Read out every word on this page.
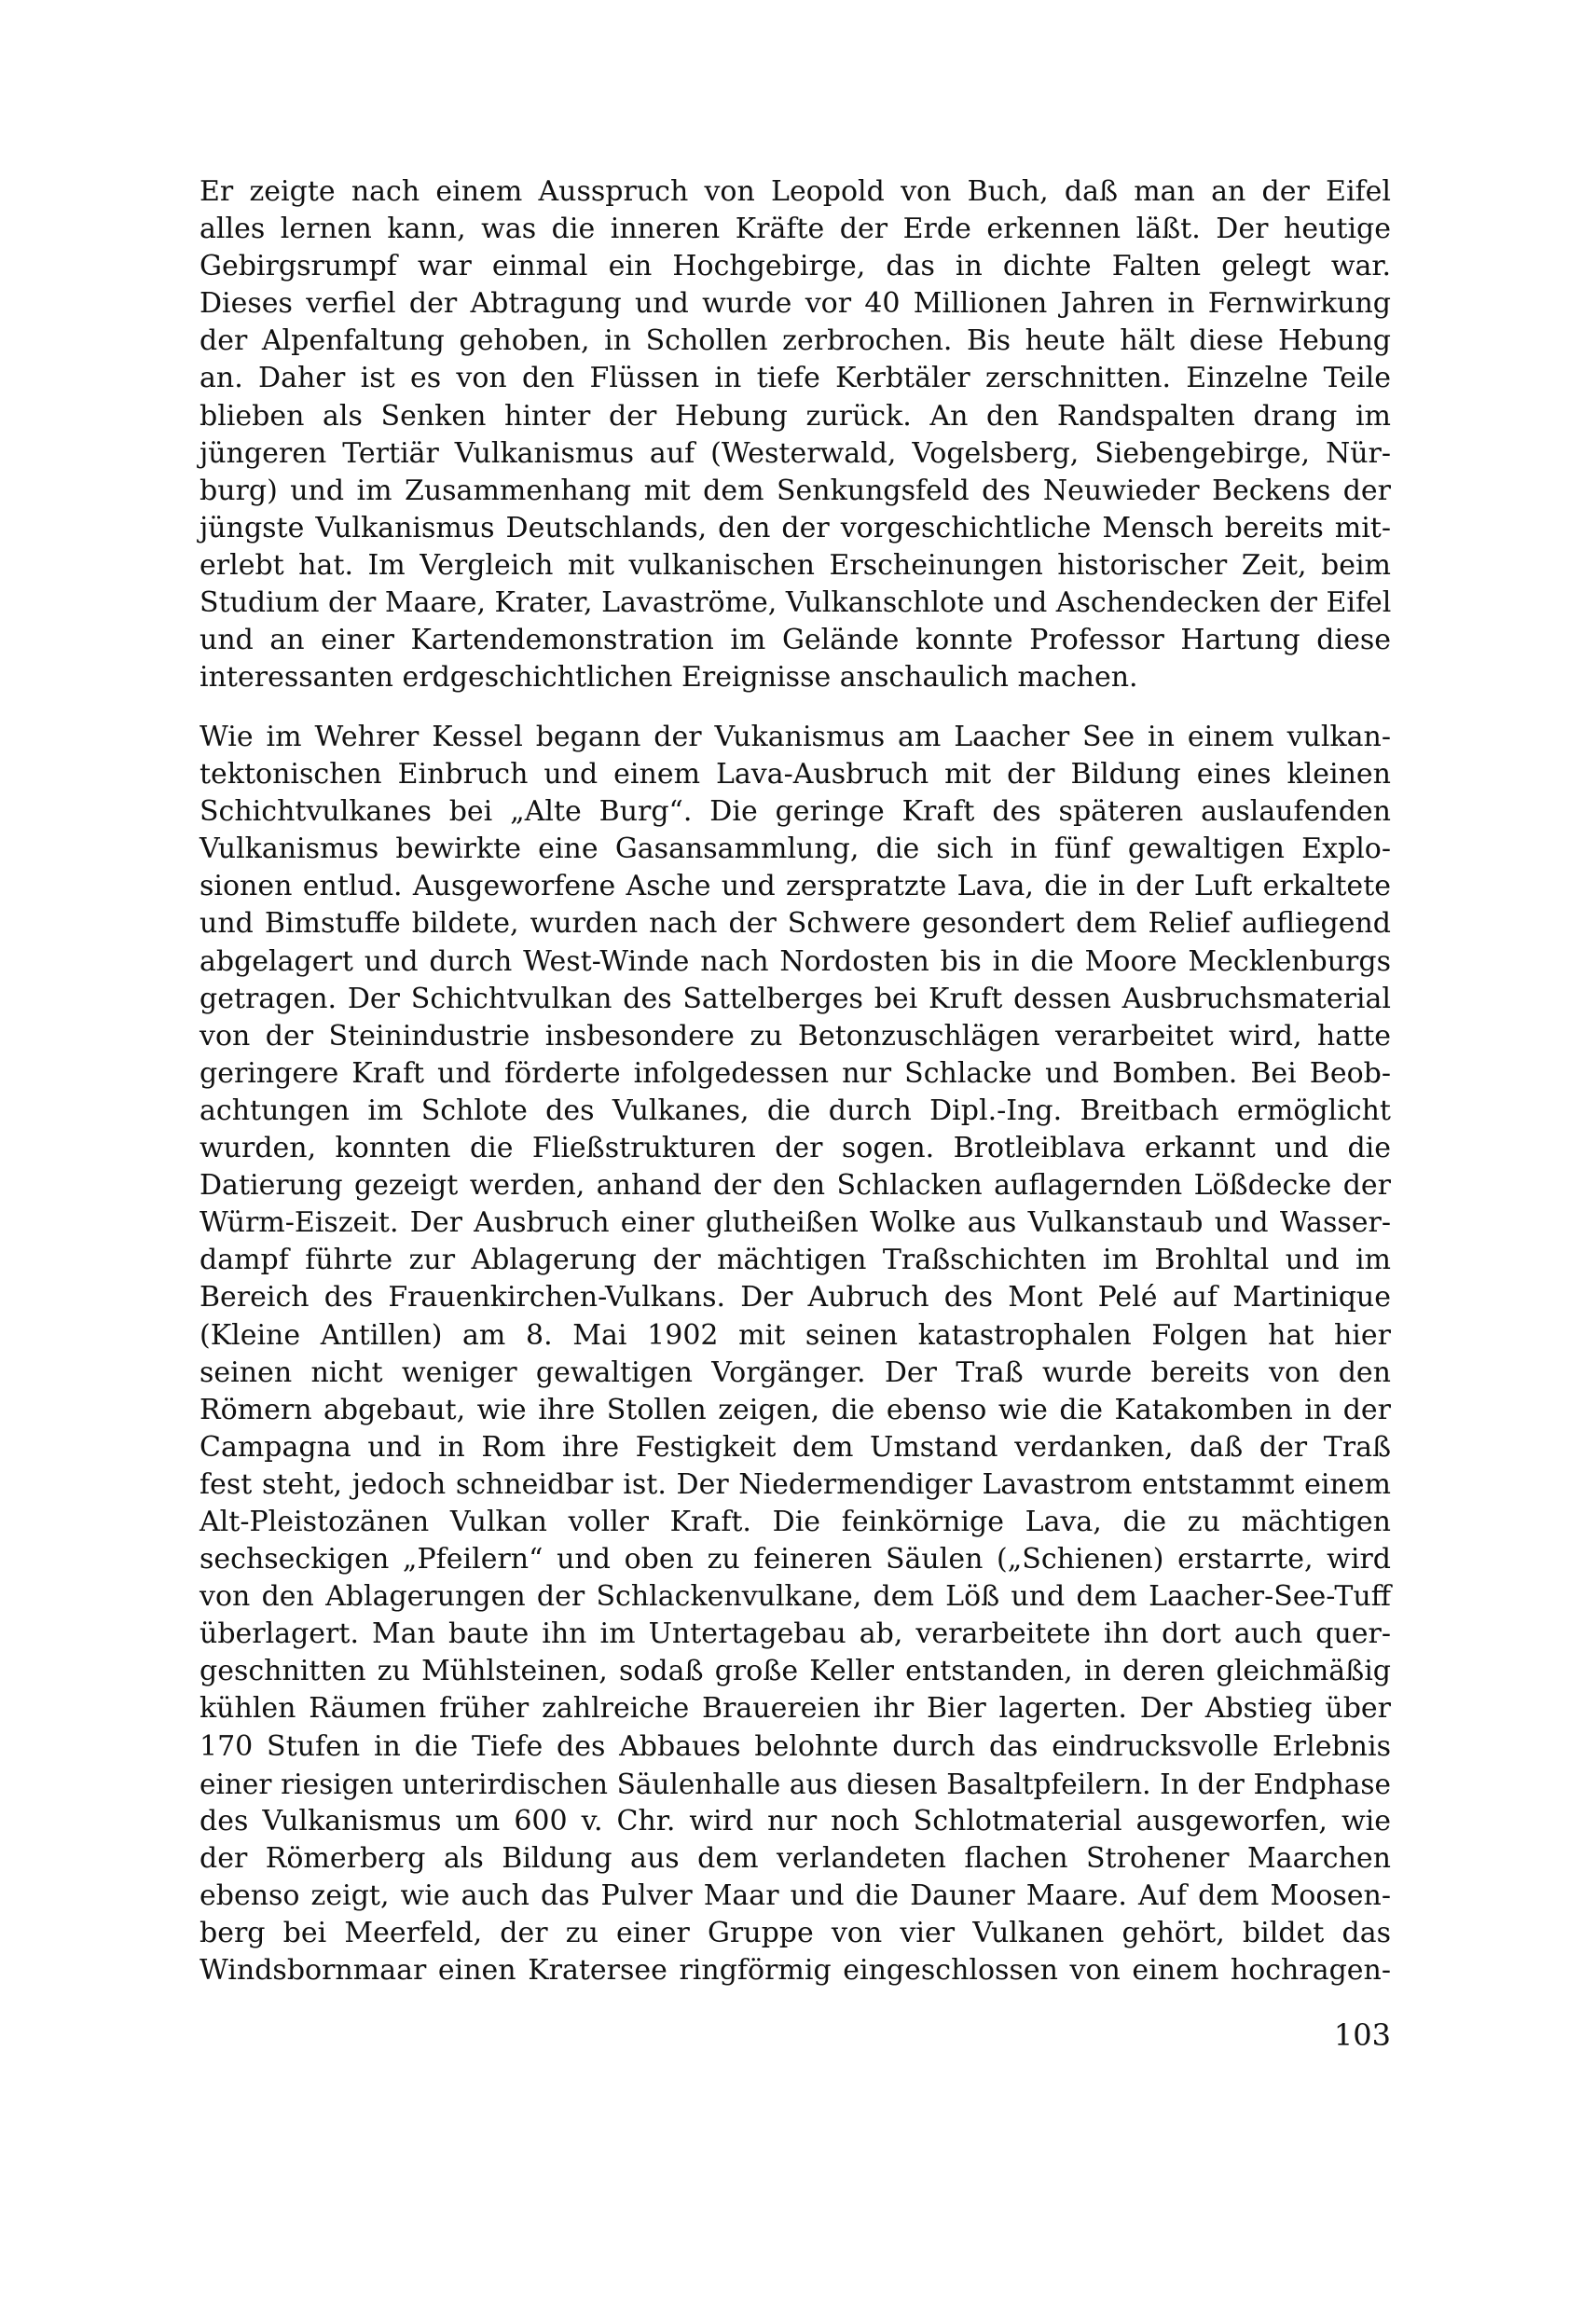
Er zeigte nach einem Ausspruch von Leopold von Buch, daß man an der Eifel
alles lernen kann, was die inneren Kräfte der Erde erkennen läßt. Der heutige
Gebirgsrumpf war einmal ein Hochgebirge, das in dichte Falten gelegt war.
Dieses verfiel der Abtragung und wurde vor 40 Millionen Jahren in Fernwirkung
der Alpenfaltung gehoben, in Schollen zerbrochen. Bis heute hält diese Hebung
an. Daher ist es von den Flüssen in tiefe Kerbtäler zerschnitten. Einzelne Teile
blieben als Senken hinter der Hebung zurück. An den Randspalten drang im
jüngeren Tertiär Vulkanismus auf (Westerwald, Vogelsberg, Siebengebirge, Nür-
burg) und im Zusammenhang mit dem Senkungsfeld des Neuwieder Beckens der
jüngste Vulkanismus Deutschlands, den der vorgeschichtliche Mensch bereits mit-
erlebt hat. Im Vergleich mit vulkanischen Erscheinungen historischer Zeit, beim
Studium der Maare, Krater, Lavaströme, Vulkanschlote und Aschendecken der Eifel
und an einer Kartendemonstration im Gelände konnte Professor Hartung diese
interessanten erdgeschichtlichen Ereignisse anschaulich machen.
Wie im Wehrer Kessel begann der Vukanismus am Laacher See in einem vulkan-
tektonischen Einbruch und einem Lava-Ausbruch mit der Bildung eines kleinen
Schichtvulkanes bei „Alte Burg“. Die geringe Kraft des späteren auslaufenden
Vulkanismus bewirkte eine Gasansammlung, die sich in fünf gewaltigen Explo-
sionen entlud. Ausgeworfene Asche und zerspratzte Lava, die in der Luft erkaltete
und Bimstuffe bildete, wurden nach der Schwere gesondert dem Relief aufliegend
abgelagert und durch West-Winde nach Nordosten bis in die Moore Mecklenburgs
getragen. Der Schichtvulkan des Sattelberges bei Kruft dessen Ausbruchsmaterial
von der Steinindustrie insbesondere zu Betonzuschlägen verarbeitet wird, hatte
geringere Kraft und förderte infolgedessen nur Schlacke und Bomben. Bei Beob-
achtungen im Schlote des Vulkanes, die durch Dipl.-Ing. Breitbach ermöglicht
wurden, konnten die Fließstrukturen der sogen. Brotleiblava erkannt und die
Datierung gezeigt werden, anhand der den Schlacken auflagernden Lößdecke der
Würm-Eiszeit. Der Ausbruch einer glutheißen Wolke aus Vulkanstaub und Wasser-
dampf führte zur Ablagerung der mächtigen Traßschichten im Brohltal und im
Bereich des Frauenkirchen-Vulkans. Der Aubruch des Mont Pelé auf Martinique
(Kleine Antillen) am 8. Mai 1902 mit seinen katastrophalen Folgen hat hier
seinen nicht weniger gewaltigen Vorgänger. Der Traß wurde bereits von den
Römern abgebaut, wie ihre Stollen zeigen, die ebenso wie die Katakomben in der
Campagna und in Rom ihre Festigkeit dem Umstand verdanken, daß der Traß
fest steht, jedoch schneidbar ist. Der Niedermendiger Lavastrom entstammt einem
Alt-Pleistozänen Vulkan voller Kraft. Die feinkörnige Lava, die zu mächtigen
sechseckigen „Pfeilern“ und oben zu feineren Säulen („Schienen) erstarrte, wird
von den Ablagerungen der Schlackenvulkane, dem Löß und dem Laacher-See-Tuff
überlagert. Man baute ihn im Untertagebau ab, verarbeitete ihn dort auch quer-
geschnitten zu Mühlsteinen, sodaß große Keller entstanden, in deren gleichmäßig
kühlen Räumen früher zahlreiche Brauereien ihr Bier lagerten. Der Abstieg über
170 Stufen in die Tiefe des Abbaues belohnte durch das eindrucksvolle Erlebnis
einer riesigen unterirdischen Säulenhalle aus diesen Basaltpfeilern. In der Endphase
des Vulkanismus um 600 v. Chr. wird nur noch Schlotmaterial ausgeworfen, wie
der Römerberg als Bildung aus dem verlandeten flachen Strohener Maarchen
ebenso zeigt, wie auch das Pulver Maar und die Dauner Maare. Auf dem Moosen-
berg bei Meerfeld, der zu einer Gruppe von vier Vulkanen gehört, bildet das
Windsbornmaar einen Kratersee ringförmig eingeschlossen von einem hochragen-
103
